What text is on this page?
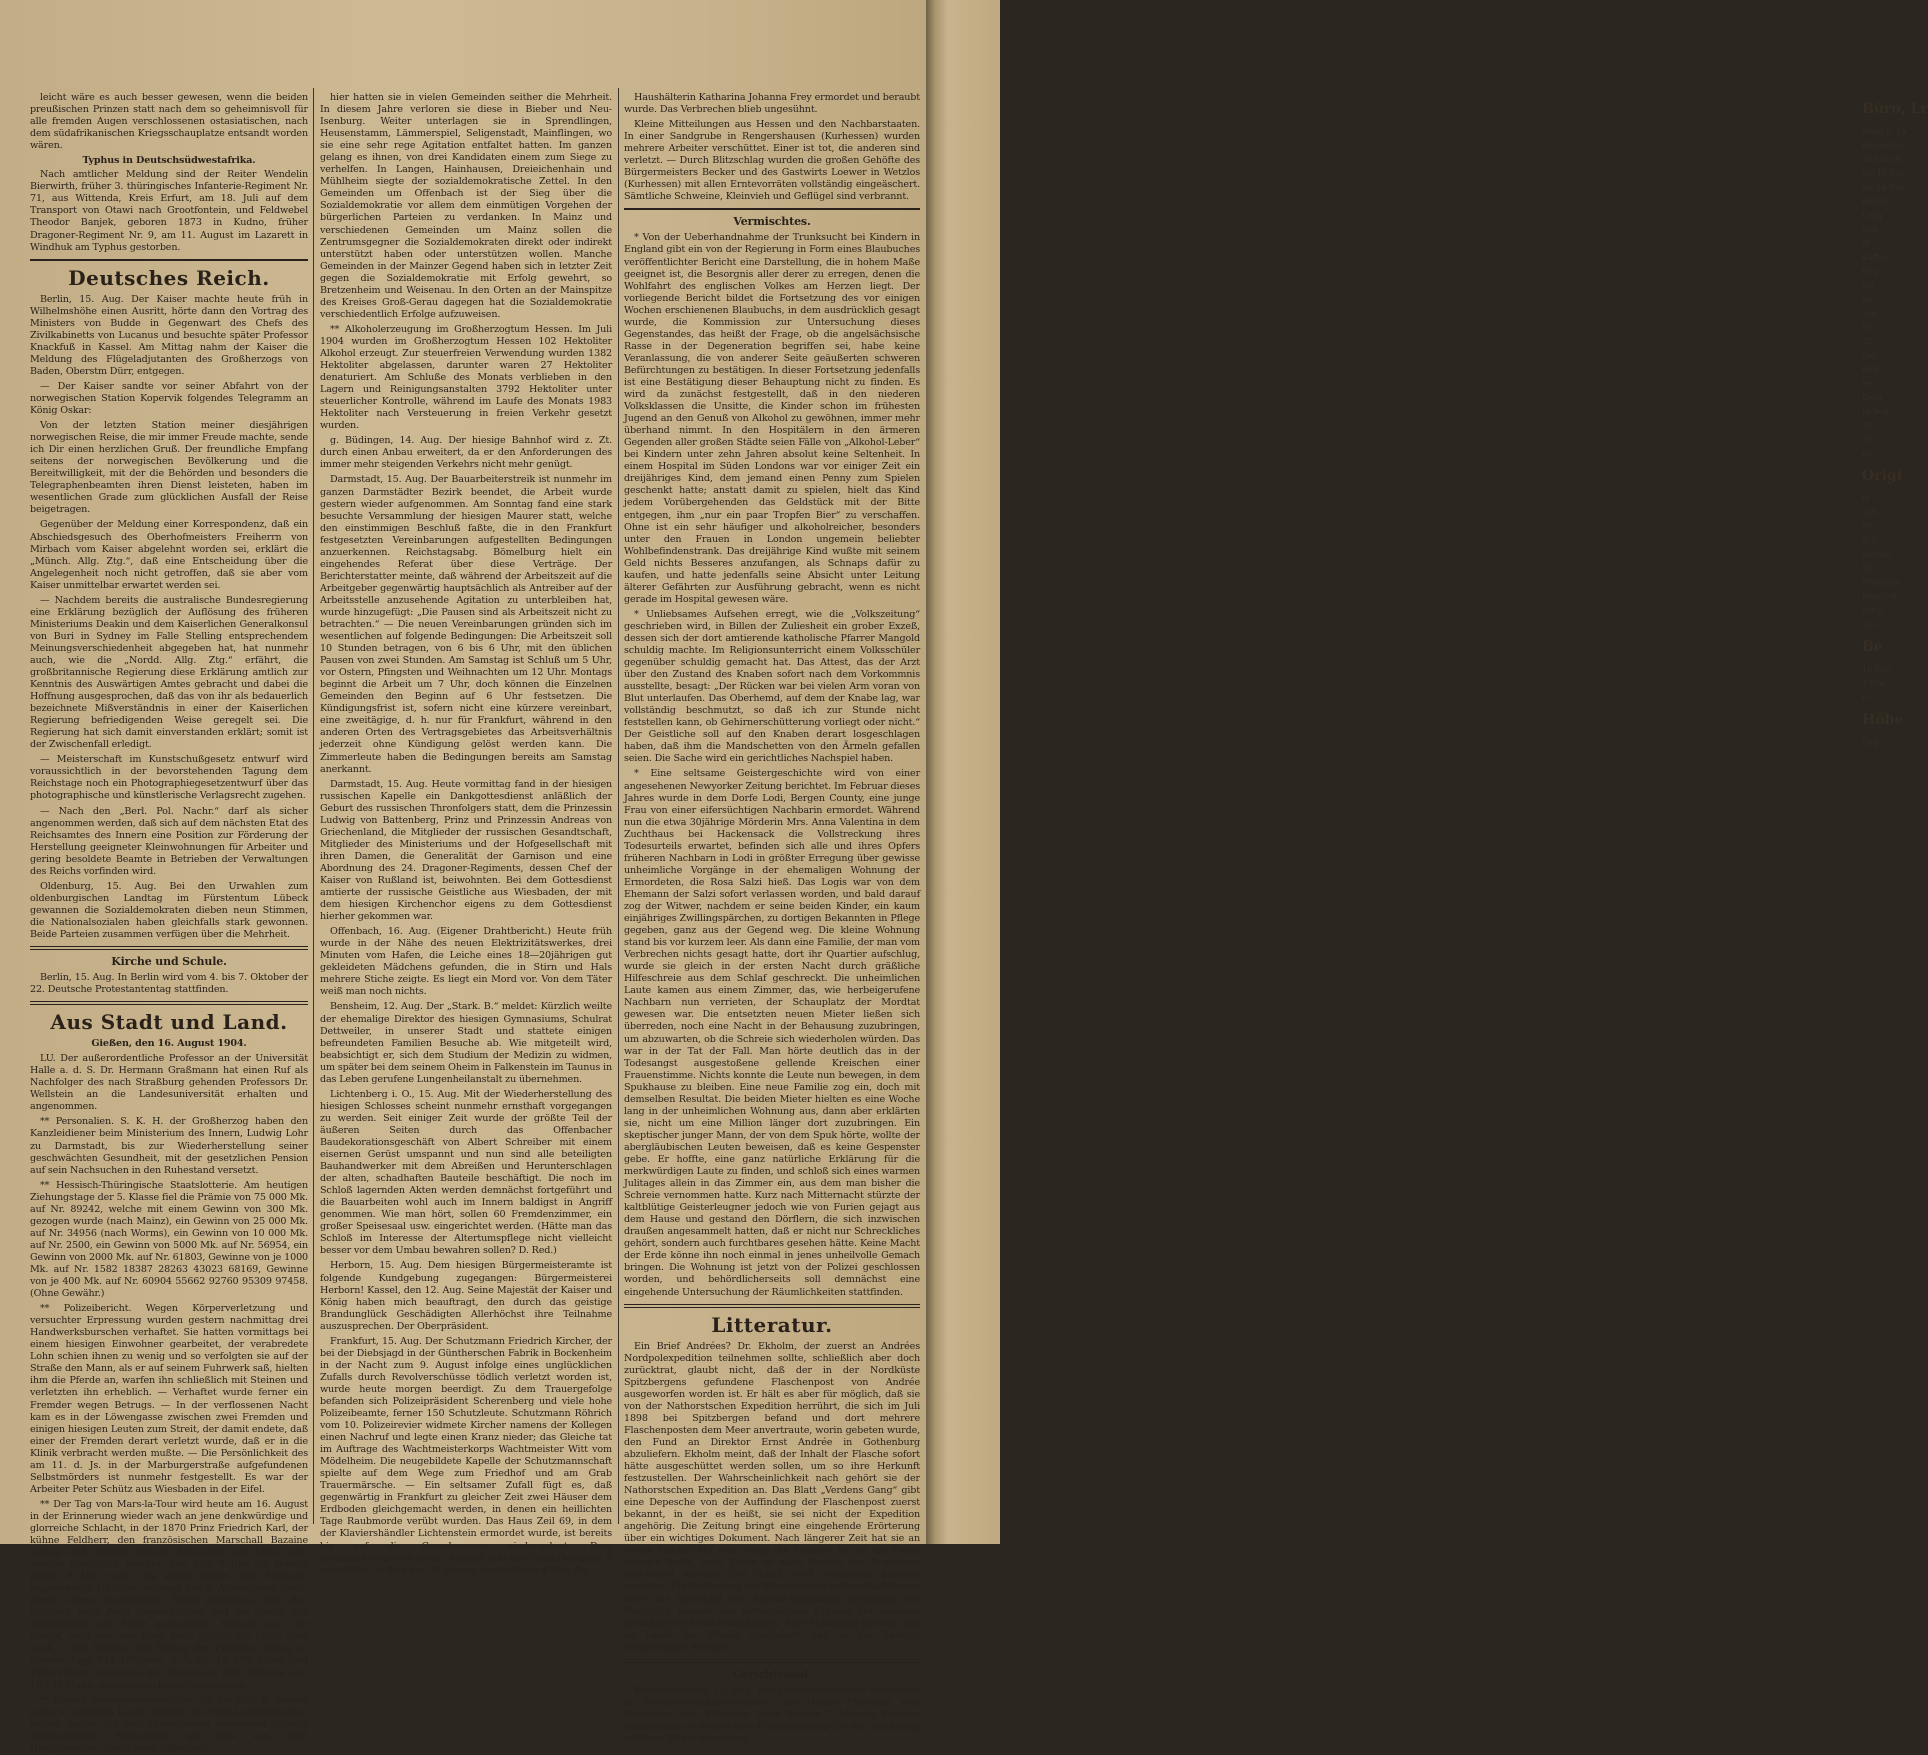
Büro, Lr
Stadt u. La
Besonders
und Dram
Nr. 15 Uhr
bis 14 Uhr
Reinke
Lang
Geb
M
Kaffee
Eng
kei
ha
Sch
80
22
Gar
Belt
bei
Bern
In Sch
Mi
Str
ab
Origi
fr
Sch
Fr
Sch
Soziale
Mi
Friedrich
Friedhof
mit 2
Zus
Be
10 Uhr
7 Uhr
Ir
Höbe
Eng

leicht wäre es auch besser gewesen, wenn die beiden preußischen Prinzen statt nach dem so geheimnisvoll für alle fremden Augen verschlossenen ostasiatischen, nach dem südafrikanischen Kriegsschauplatze entsandt worden wären.

Typhus in Deutschsüdwestafrika.

Nach amtlicher Meldung sind der Reiter Wendelin Bierwirth, früher 3. thüringisches Infanterie-Regiment Nr. 71, aus Wittenda, Kreis Erfurt, am 18. Juli auf dem Transport von Otawi nach Grootfontein, und Feldwebel Theodor Banjek, geboren 1873 in Kudno, früher Dragoner-Regiment Nr. 9, am 11. August im Lazarett in Windhuk am Typhus gestorben.

Deutsches Reich.

Berlin, 15. Aug. Der Kaiser machte heute früh in Wilhelmshöhe einen Ausritt, hörte dann den Vortrag des Ministers von Budde in Gegenwart des Chefs des Zivilkabinetts von Lucanus und besuchte später Professor Knackfuß in Kassel. Am Mittag nahm der Kaiser die Meldung des Flügeladjutanten des Großherzogs von Baden, Oberstm Dürr, entgegen.

— Der Kaiser sandte vor seiner Abfahrt von der norwegischen Station Kopervik folgendes Telegramm an König Oskar:

Von der letzten Station meiner diesjährigen norwegischen Reise, die mir immer Freude machte, sende ich Dir einen herzlichen Gruß. Der freundliche Empfang seitens der norwegischen Bevölkerung und die Bereitwilligkeit, mit der die Behörden und besonders die Telegraphenbeamten ihren Dienst leisteten, haben im wesentlichen Grade zum glücklichen Ausfall der Reise beigetragen.

Gegenüber der Meldung einer Korrespondenz, daß ein Abschiedsgesuch des Oberhofmeisters Freiherrn von Mirbach vom Kaiser abgelehnt worden sei, erklärt die „Münch. Allg. Ztg.“, daß eine Entscheidung über die Angelegenheit noch nicht getroffen, daß sie aber vom Kaiser unmittelbar erwartet werden sei.

— Nachdem bereits die australische Bundesregierung eine Erklärung bezüglich der Auflösung des früheren Ministeriums Deakin und dem Kaiserlichen Generalkonsul von Buri in Sydney im Falle Stelling entsprechendem Meinungsverschiedenheit abgegeben hat, hat nunmehr auch, wie die „Nordd. Allg. Ztg.“ erfährt, die großbritannische Regierung diese Erklärung amtlich zur Kenntnis des Auswärtigen Amtes gebracht und dabei die Hoffnung ausgesprochen, daß das von ihr als bedauerlich bezeichnete Mißverständnis in einer der Kaiserlichen Regierung befriedigenden Weise geregelt sei. Die Regierung hat sich damit einverstanden erklärt; somit ist der Zwischenfall erledigt.

— Meisterschaft im Kunstschußgesetz entwurf wird voraussichtlich in der bevorstehenden Tagung dem Reichstage noch ein Photographiegesetzentwurf über das photographische und künstlerische Verlagsrecht zugehen.

— Nach den „Berl. Pol. Nachr.“ darf als sicher angenommen werden, daß sich auf dem nächsten Etat des Reichsamtes des Innern eine Position zur Förderung der Herstellung geeigneter Kleinwohnungen für Arbeiter und gering besoldete Beamte in Betrieben der Verwaltungen des Reichs vorfinden wird.

Oldenburg, 15. Aug. Bei den Urwahlen zum oldenburgischen Landtag im Fürstentum Lübeck gewannen die Sozialdemokraten dieben neun Stimmen, die Nationalsozialen haben gleichfalls stark gewonnen. Beide Parteien zusammen verfügen über die Mehrheit.

Kirche und Schule.

Berlin, 15. Aug. In Berlin wird vom 4. bis 7. Oktober der 22. Deutsche Protestantentag stattfinden.

Aus Stadt und Land.
Gießen, den 16. August 1904.

LU. Der außerordentliche Professor an der Universität Halle a. d. S. Dr. Hermann Graßmann hat einen Ruf als Nachfolger des nach Straßburg gehenden Professors Dr. Wellstein an die Landesuniversität erhalten und angenommen.

** Personalien. S. K. H. der Großherzog haben den Kanzleidiener beim Ministerium des Innern, Ludwig Lohr zu Darmstadt, bis zur Wiederherstellung seiner geschwächten Gesundheit, mit der gesetzlichen Pension auf sein Nachsuchen in den Ruhestand versetzt.

** Hessisch-Thüringische Staatslotterie. Am heutigen Ziehungstage der 5. Klasse fiel die Prämie von 75 000 Mk. auf Nr. 89242, welche mit einem Gewinn von 300 Mk. gezogen wurde (nach Mainz), ein Gewinn von 25 000 Mk. auf Nr. 34956 (nach Worms), ein Gewinn von 10 000 Mk. auf Nr. 2500, ein Gewinn von 5000 Mk. auf Nr. 56954, ein Gewinn von 2000 Mk. auf Nr. 61803, Gewinne von je 1000 Mk. auf Nr. 1582 18387 28263 43023 68169, Gewinne von je 400 Mk. auf Nr. 60904 55662 92760 95309 97458. (Ohne Gewähr.)

** Polizeibericht. Wegen Körperverletzung und versuchter Erpressung wurden gestern nachmittag drei Handwerksburschen verhaftet. Sie hatten vormittags bei einem hiesigen Einwohner gearbeitet, der verabredete Lohn schien ihnen zu wenig und so verfolgten sie auf der Straße den Mann, als er auf seinem Fuhrwerk saß, hielten ihm die Pferde an, warfen ihn schließlich mit Steinen und verletzten ihn erheblich. — Verhaftet wurde ferner ein Fremder wegen Betrugs. — In der verflossenen Nacht kam es in der Löwengasse zwischen zwei Fremden und einigen hiesigen Leuten zum Streit, der damit endete, daß einer der Fremden derart verletzt wurde, daß er in die Klinik verbracht werden mußte. — Die Persönlichkeit des am 11. d. Js. in der Marburgerstraße aufgefundenen Selbstmörders ist nunmehr festgestellt. Es war der Arbeiter Peter Schütz aus Wiesbaden in der Eifel.

** Der Tag von Mars-la-Tour wird heute am 16. August in der Erinnerung wieder wach an jene denkwürdige und glorreiche Schlacht, in der 1870 Prinz Friedrich Karl, der kühne Feldherr, den französischen Marschall Bazaine schlug und dadurch dessen Abmarsch von Metz nach Verdun unmöglich machte. Von früh 7 Uhr bis abends gegen 8 Uhr hatte das kleine durch viele Märsche angestrengte Häuflein, anfangs das 3. Armeekorps allein, gegen einen überlegenen Feind gestritten, ihm den Rückzug nach Paris abgeschnitten und ihn später zur Kapitulation von Metz gezwungen. Schwer war der Kampf, groß war der Sieg, noch größer die Ehre, aber auch — der Verlust. Der Verlust der Preußen betrug an diesem Tage 711 Offiziere, 9 Ärzte, 15 079 Mann und 2736 Pferde, derjenige der Franzosen 879 Offiziere und 16 128 Mann, einschließlich der Gefangenen.

** Beiden Gemeinderatswahlen, die bis jetzt in diesem Jahre in unserem Lande südlich des Mains stattgefunden haben, haben die Sozialdemokraten bedeutend günstig abgeschnitten. Namentlich gilt dies von ihrer Hauptdomäne, dem Kreise Offenbach,

hier hatten sie in vielen Gemeinden seither die Mehrheit. In diesem Jahre verloren sie diese in Bieber und Neu-Isenburg. Weiter unterlagen sie in Sprendlingen, Heusenstamm, Lämmerspiel, Seligenstadt, Mainflingen, wo sie eine sehr rege Agitation entfaltet hatten. Im ganzen gelang es ihnen, von drei Kandidaten einem zum Siege zu verhelfen. In Langen, Hainhausen, Dreieichenhain und Mühlheim siegte der sozialdemokratische Zettel. In den Gemeinden um Offenbach ist der Sieg über die Sozialdemokratie vor allem dem einmütigen Vorgehen der bürgerlichen Parteien zu verdanken. In Mainz und verschiedenen Gemeinden um Mainz sollen die Zentrumsgegner die Sozialdemokraten direkt oder indirekt unterstützt haben oder unterstützen wollen. Manche Gemeinden in der Mainzer Gegend haben sich in letzter Zeit gegen die Sozialdemokratie mit Erfolg gewehrt, so Bretzenheim und Weisenau. In den Orten an der Mainspitze des Kreises Groß-Gerau dagegen hat die Sozialdemokratie verschiedentlich Erfolge aufzuweisen.

** Alkoholerzeugung im Großherzogtum Hessen. Im Juli 1904 wurden im Großherzogtum Hessen 102 Hektoliter Alkohol erzeugt. Zur steuerfreien Verwendung wurden 1382 Hektoliter abgelassen, darunter waren 27 Hektoliter denaturiert. Am Schluße des Monats verblieben in den Lagern und Reinigungsanstalten 3792 Hektoliter unter steuerlicher Kontrolle, während im Laufe des Monats 1983 Hektoliter nach Versteuerung in freien Verkehr gesetzt wurden.

g. Büdingen, 14. Aug. Der hiesige Bahnhof wird z. Zt. durch einen Anbau erweitert, da er den Anforderungen des immer mehr steigenden Verkehrs nicht mehr genügt.

Darmstadt, 15. Aug. Der Bauarbeiterstreik ist nunmehr im ganzen Darmstädter Bezirk beendet, die Arbeit wurde gestern wieder aufgenommen. Am Sonntag fand eine stark besuchte Versammlung der hiesigen Maurer statt, welche den einstimmigen Beschluß faßte, die in den Frankfurt festgesetzten Vereinbarungen aufgestellten Bedingungen anzuerkennen. Reichstagsabg. Bömelburg hielt ein eingehendes Referat über diese Verträge. Der Berichterstatter meinte, daß während der Arbeitszeit auf die Arbeitgeber gegenwärtig hauptsächlich als Antreiber auf der Arbeitsstelle anzusehende Agitation zu unterbleiben hat, wurde hinzugefügt: „Die Pausen sind als Arbeitszeit nicht zu betrachten.“ — Die neuen Vereinbarungen gründen sich im wesentlichen auf folgende Bedingungen: Die Arbeitszeit soll 10 Stunden betragen, von 6 bis 6 Uhr, mit den üblichen Pausen von zwei Stunden. Am Samstag ist Schluß um 5 Uhr, vor Ostern, Pfingsten und Weihnachten um 12 Uhr. Montags beginnt die Arbeit um 7 Uhr, doch können die Einzelnen Gemeinden den Beginn auf 6 Uhr festsetzen. Die Kündigungsfrist ist, sofern nicht eine kürzere vereinbart, eine zweitägige, d. h. nur für Frankfurt, während in den anderen Orten des Vertragsgebietes das Arbeitsverhältnis jederzeit ohne Kündigung gelöst werden kann. Die Zimmerleute haben die Bedingungen bereits am Samstag anerkannt.

Darmstadt, 15. Aug. Heute vormittag fand in der hiesigen russischen Kapelle ein Dankgottesdienst anläßlich der Geburt des russischen Thronfolgers statt, dem die Prinzessin Ludwig von Battenberg, Prinz und Prinzessin Andreas von Griechenland, die Mitglieder der russischen Gesandtschaft, Mitglieder des Ministeriums und der Hofgesellschaft mit ihren Damen, die Generalität der Garnison und eine Abordnung des 24. Dragoner-Regiments, dessen Chef der Kaiser von Rußland ist, beiwohnten. Bei dem Gottesdienst amtierte der russische Geistliche aus Wiesbaden, der mit dem hiesigen Kirchenchor eigens zu dem Gottesdienst hierher gekommen war.

Offenbach, 16. Aug. (Eigener Drahtbericht.) Heute früh wurde in der Nähe des neuen Elektrizitätswerkes, drei Minuten vom Hafen, die Leiche eines 18—20jährigen gut gekleideten Mädchens gefunden, die in Stirn und Hals mehrere Stiche zeigte. Es liegt ein Mord vor. Von dem Täter weiß man noch nichts.

Bensheim, 12. Aug. Der „Stark. B.“ meldet: Kürzlich weilte der ehemalige Direktor des hiesigen Gymnasiums, Schulrat Dettweiler, in unserer Stadt und stattete einigen befreundeten Familien Besuche ab. Wie mitgeteilt wird, beabsichtigt er, sich dem Studium der Medizin zu widmen, um später bei dem seinem Oheim in Falkenstein im Taunus in das Leben gerufene Lungenheilanstalt zu übernehmen.

Lichtenberg i. O., 15. Aug. Mit der Wiederherstellung des hiesigen Schlosses scheint nunmehr ernsthaft vorgegangen zu werden. Seit einiger Zeit wurde der größte Teil der äußeren Seiten durch das Offenbacher Baudekorationsgeschäft von Albert Schreiber mit einem eisernen Gerüst umspannt und nun sind alle beteiligten Bauhandwerker mit dem Abreißen und Herunterschlagen der alten, schadhaften Bauteile beschäftigt. Die noch im Schloß lagernden Akten werden demnächst fortgeführt und die Bauarbeiten wohl auch im Innern baldigst in Angriff genommen. Wie man hört, sollen 60 Fremdenzimmer, ein großer Speisesaal usw. eingerichtet werden. (Hätte man das Schloß im Interesse der Altertumspflege nicht vielleicht besser vor dem Umbau bewahren sollen? D. Red.)

Herborn, 15. Aug. Dem hiesigen Bürgermeisteramte ist folgende Kundgebung zugegangen: Bürgermeisterei Herborn! Kassel, den 12. Aug. Seine Majestät der Kaiser und König haben mich beauftragt, den durch das geistige Brandunglück Geschädigten Allerhöchst ihre Teilnahme auszusprechen. Der Oberpräsident.

Frankfurt, 15. Aug. Der Schutzmann Friedrich Kircher, der bei der Diebsjagd in der Güntherschen Fabrik in Bockenheim in der Nacht zum 9. August infolge eines unglücklichen Zufalls durch Revolverschüsse tödlich verletzt worden ist, wurde heute morgen beerdigt. Zu dem Trauergefolge befanden sich Polizeipräsident Scherenberg und viele hohe Polizeibeamte, ferner 150 Schutzleute. Schutzmann Röhrich vom 10. Polizeirevier widmete Kircher namens der Kollegen einen Nachruf und legte einen Kranz nieder; das Gleiche tat im Auftrage des Wachtmeisterkorps Wachtmeister Witt vom Mödelheim. Die neugebildete Kapelle der Schutzmannschaft spielte auf dem Wege zum Friedhof und am Grab Trauermärsche. — Ein seltsamer Zufall fügt es, daß gegenwärtig in Frankfurt zu gleicher Zeit zwei Häuser dem Erdboden gleichgemacht werden, in denen ein heillichten Tage Raubmorde verübt wurden. Das Haus Zeil 69, in dem der Klaviershändler Lichtenstein ermordet wurde, ist bereits bis auf die Grundmauern niedergelegt. Dem Straßendurchbruch in der Altstadt fällt das Haus Domplatz 7 zum Opfer, in dem vor 30 Jahren, nachmittags 4 Uhr, die

Haushälterin Katharina Johanna Frey ermordet und beraubt wurde. Das Verbrechen blieb ungesühnt.

Kleine Mitteilungen aus Hessen und den Nachbarstaaten. In einer Sandgrube in Rengershausen (Kurhessen) wurden mehrere Arbeiter verschüttet. Einer ist tot, die anderen sind verletzt. — Durch Blitzschlag wurden die großen Gehöfte des Bürgermeisters Becker und des Gastwirts Loewer in Wetzlos (Kurhessen) mit allen Erntevorräten vollständig eingeäschert. Sämtliche Schweine, Kleinvieh und Geflügel sind verbrannt.

Vermischtes.

* Von der Ueberhandnahme der Trunksucht bei Kindern in England gibt ein von der Regierung in Form eines Blaubuches veröffentlichter Bericht eine Darstellung, die in hohem Maße geeignet ist, die Besorgnis aller derer zu erregen, denen die Wohlfahrt des englischen Volkes am Herzen liegt. Der vorliegende Bericht bildet die Fortsetzung des vor einigen Wochen erschienenen Blaubuchs, in dem ausdrücklich gesagt wurde, die Kommission zur Untersuchung dieses Gegenstandes, das heißt der Frage, ob die angelsächsische Rasse in der Degeneration begriffen sei, habe keine Veranlassung, die von anderer Seite geäußerten schweren Befürchtungen zu bestätigen. In dieser Fortsetzung jedenfalls ist eine Bestätigung dieser Behauptung nicht zu finden. Es wird da zunächst festgestellt, daß in den niederen Volksklassen die Unsitte, die Kinder schon im frühesten Jugend an den Genuß von Alkohol zu gewöhnen, immer mehr überhand nimmt. In den Hospitälern in den ärmeren Gegenden aller großen Städte seien Fälle von „Alkohol-Leber“ bei Kindern unter zehn Jahren absolut keine Seltenheit. In einem Hospital im Süden Londons war vor einiger Zeit ein dreijähriges Kind, dem jemand einen Penny zum Spielen geschenkt hatte; anstatt damit zu spielen, hielt das Kind jedem Vorübergehenden das Geldstück mit der Bitte entgegen, ihm „nur ein paar Tropfen Bier“ zu verschaffen. Ohne ist ein sehr häufiger und alkoholreicher, besonders unter den Frauen in London ungemein beliebter Wohlbefindenstrank. Das dreijährige Kind wußte mit seinem Geld nichts Besseres anzufangen, als Schnaps dafür zu kaufen, und hatte jedenfalls seine Absicht unter Leitung älterer Gefährten zur Ausführung gebracht, wenn es nicht gerade im Hospital gewesen wäre.

* Unliebsames Aufsehen erregt, wie die „Volkszeitung“ geschrieben wird, in Billen der Zuliesheit ein grober Exzeß, dessen sich der dort amtierende katholische Pfarrer Mangold schuldig machte. Im Religionsunterricht einem Volksschüler gegenüber schuldig gemacht hat. Das Attest, das der Arzt über den Zustand des Knaben sofort nach dem Vorkommnis ausstellte, besagt: „Der Rücken war bei vielen Arm voran von Blut unterlaufen. Das Oberhemd, auf dem der Knabe lag, war vollständig beschmutzt, so daß ich zur Stunde nicht feststellen kann, ob Gehirnerschütterung vorliegt oder nicht.“ Der Geistliche soll auf den Knaben derart losgeschlagen haben, daß ihm die Mandschetten von den Ärmeln gefallen seien. Die Sache wird ein gerichtliches Nachspiel haben.

* Eine seltsame Geistergeschichte wird von einer angesehenen Newyorker Zeitung berichtet. Im Februar dieses Jahres wurde in dem Dorfe Lodi, Bergen County, eine junge Frau von einer eifersüchtigen Nachbarin ermordet. Während nun die etwa 30jährige Mörderin Mrs. Anna Valentina in dem Zuchthaus bei Hackensack die Vollstreckung ihres Todesurteils erwartet, befinden sich alle und ihres Opfers früheren Nachbarn in Lodi in größter Erregung über gewisse unheimliche Vorgänge in der ehemaligen Wohnung der Ermordeten, die Rosa Salzi hieß. Das Logis war von dem Ehemann der Salzi sofort verlassen worden, und bald darauf zog der Witwer, nachdem er seine beiden Kinder, ein kaum einjähriges Zwillingspärchen, zu dortigen Bekannten in Pflege gegeben, ganz aus der Gegend weg. Die kleine Wohnung stand bis vor kurzem leer. Als dann eine Familie, der man vom Verbrechen nichts gesagt hatte, dort ihr Quartier aufschlug, wurde sie gleich in der ersten Nacht durch gräßliche Hilfeschreie aus dem Schlaf geschreckt. Die unheimlichen Laute kamen aus einem Zimmer, das, wie herbeigerufene Nachbarn nun verrieten, der Schauplatz der Mordtat gewesen war. Die entsetzten neuen Mieter ließen sich überreden, noch eine Nacht in der Behausung zuzubringen, um abzuwarten, ob die Schreie sich wiederholen würden. Das war in der Tat der Fall. Man hörte deutlich das in der Todesangst ausgestoßene gellende Kreischen einer Frauenstimme. Nichts konnte die Leute nun bewegen, in dem Spukhause zu bleiben. Eine neue Familie zog ein, doch mit demselben Resultat. Die beiden Mieter hielten es eine Woche lang in der unheimlichen Wohnung aus, dann aber erklärten sie, nicht um eine Million länger dort zuzubringen. Ein skeptischer junger Mann, der von dem Spuk hörte, wollte der abergläubischen Leuten beweisen, daß es keine Gespenster gebe. Er hoffte, eine ganz natürliche Erklärung für die merkwürdigen Laute zu finden, und schloß sich eines warmen Julitages allein in das Zimmer ein, aus dem man bisher die Schreie vernommen hatte. Kurz nach Mitternacht stürzte der kaltblütige Geisterleugner jedoch wie von Furien gejagt aus dem Hause und gestand den Dörflern, die sich inzwischen draußen angesammelt hatten, daß er nicht nur Schreckliches gehört, sondern auch furchtbares gesehen hätte. Keine Macht der Erde könne ihn noch einmal in jenes unheilvolle Gemach bringen. Die Wohnung ist jetzt von der Polizei geschlossen worden, und behördlicherseits soll demnächst eine eingehende Untersuchung der Räumlichkeiten stattfinden.

Litteratur.

Ein Brief Andrées? Dr. Ekholm, der zuerst an Andrées Nordpolexpedition teilnehmen sollte, schließlich aber doch zurücktrat, glaubt nicht, daß der in der Nordküste Spitzbergens gefundene Flaschenpost von Andrée ausgeworfen worden ist. Er hält es aber für möglich, daß sie von der Nathorstschen Expedition herrührt, die sich im Juli 1898 bei Spitzbergen befand und dort mehrere Flaschenposten dem Meer anvertraute, worin gebeten wurde, den Fund an Direktor Ernst Andrée in Gothenburg abzuliefern. Ekholm meint, daß der Inhalt der Flasche sofort hätte ausgeschüttet werden sollen, um so ihre Herkunft festzustellen. Der Wahrscheinlichkeit nach gehört sie der Nathorstschen Expedition an. Das Blatt „Verdens Gang“ gibt eine Depesche von der Auffindung der Flaschenpost zuerst bekannt, in der es heißt, sie sei nicht der Expedition angehörig. Die Zeitung bringt eine eingehende Erörterung über ein wichtiges Dokument. Nach längerer Zeit hat sie an einem Fischer auf dem Wege die Flasche, in der ein Zettel gelegen hatte, fand. Diese ist nach Andrée der Regierung überliefert worden. Der Inhalt wird demnächst bekannt gegeben. Die Auffindung der Flaschenpost soll zur Aufklärung über das Schicksal der Andrée-Expedition beitragen. Die Nachricht stammt aus norwegischen Kreisen. Ihr weiteres Schicksal wird uns beschäftigen. Eine Mitteilung darüber soll im Laufe der Woche erscheinen und in der Zeitung veröffentlicht werden.

Gerichtssaal.

Wilhelmshaven, 15. Aug. Das Oberkriegsgericht verurteilte im Wiederaufnahmeverfahren den Heizer Fleischer vom Meinsiche tret. Fleischer hatte bereits 7 Monate Festung abgesessen; er erhielt eine Entschädigung für die unschuldig erlittene Strafe zuerkannt.
